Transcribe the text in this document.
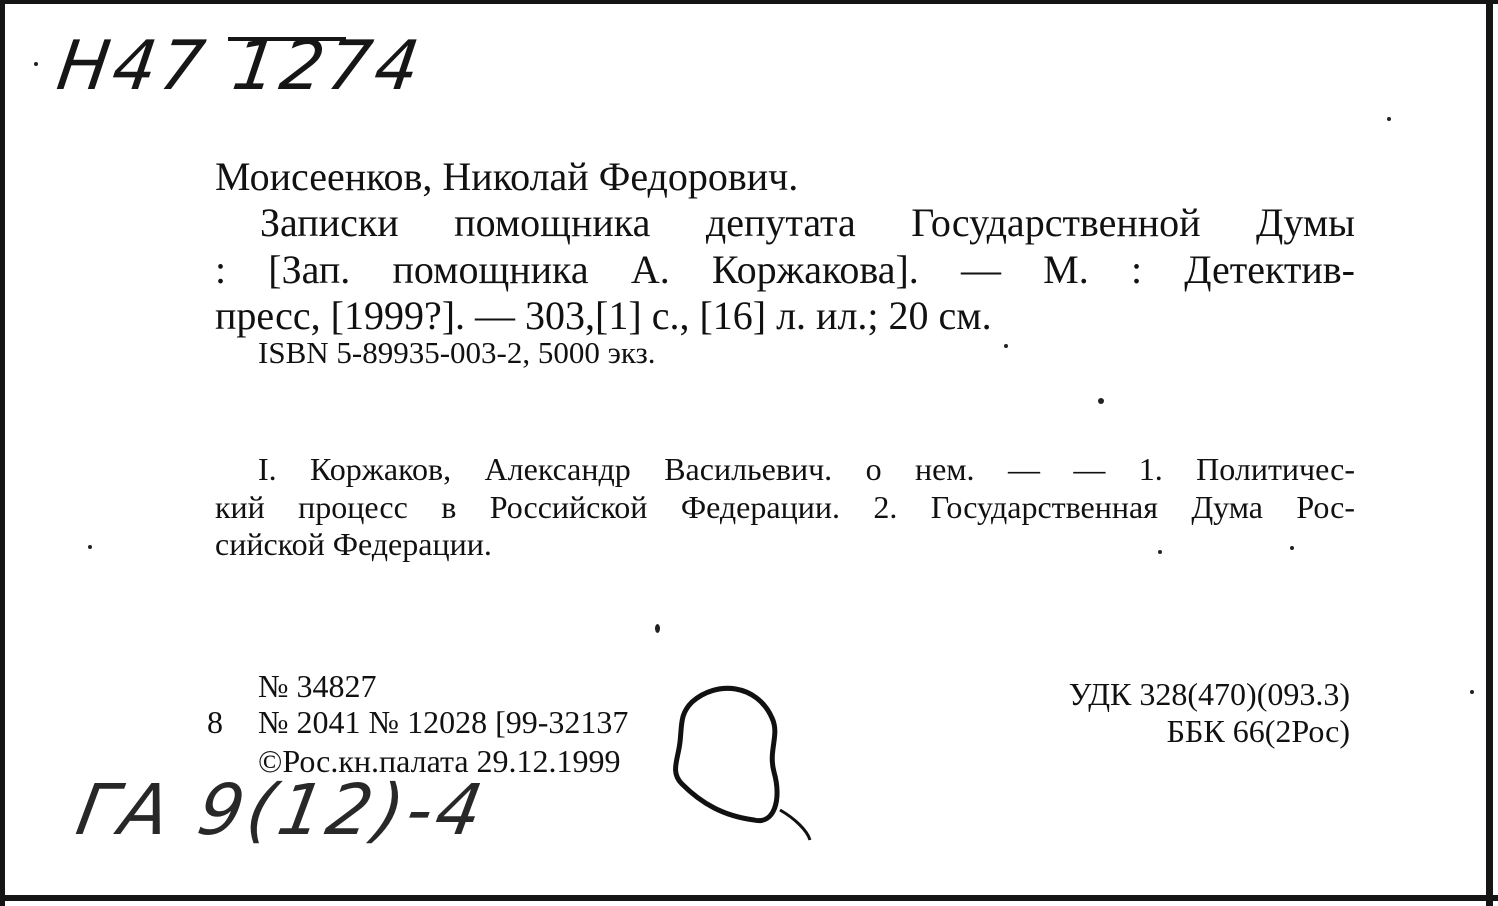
H47 1274
ГА 9(12)-4
Моисеенков, Николай Федорович.
Записки помощника депутата Государственной Думы
: [Зап. помощника А. Коржакова]. — М. : Детектив-
пресс, [1999?]. — 303,[1] с., [16] л. ил.; 20 см.
ISBN 5-89935-003-2, 5000 экз.
I. Коржаков, Александр Васильевич. о нем. — — 1. Политичес-
кий процесс в Российской Федерации. 2. Государственная Дума Рос-
сийской Федерации.
№ 34827
8 № 2041 № 12028 [99-32137
©Рос.кн.палата 29.12.1999
УДК 328(470)(093.3)
ББК 66(2Рос)
